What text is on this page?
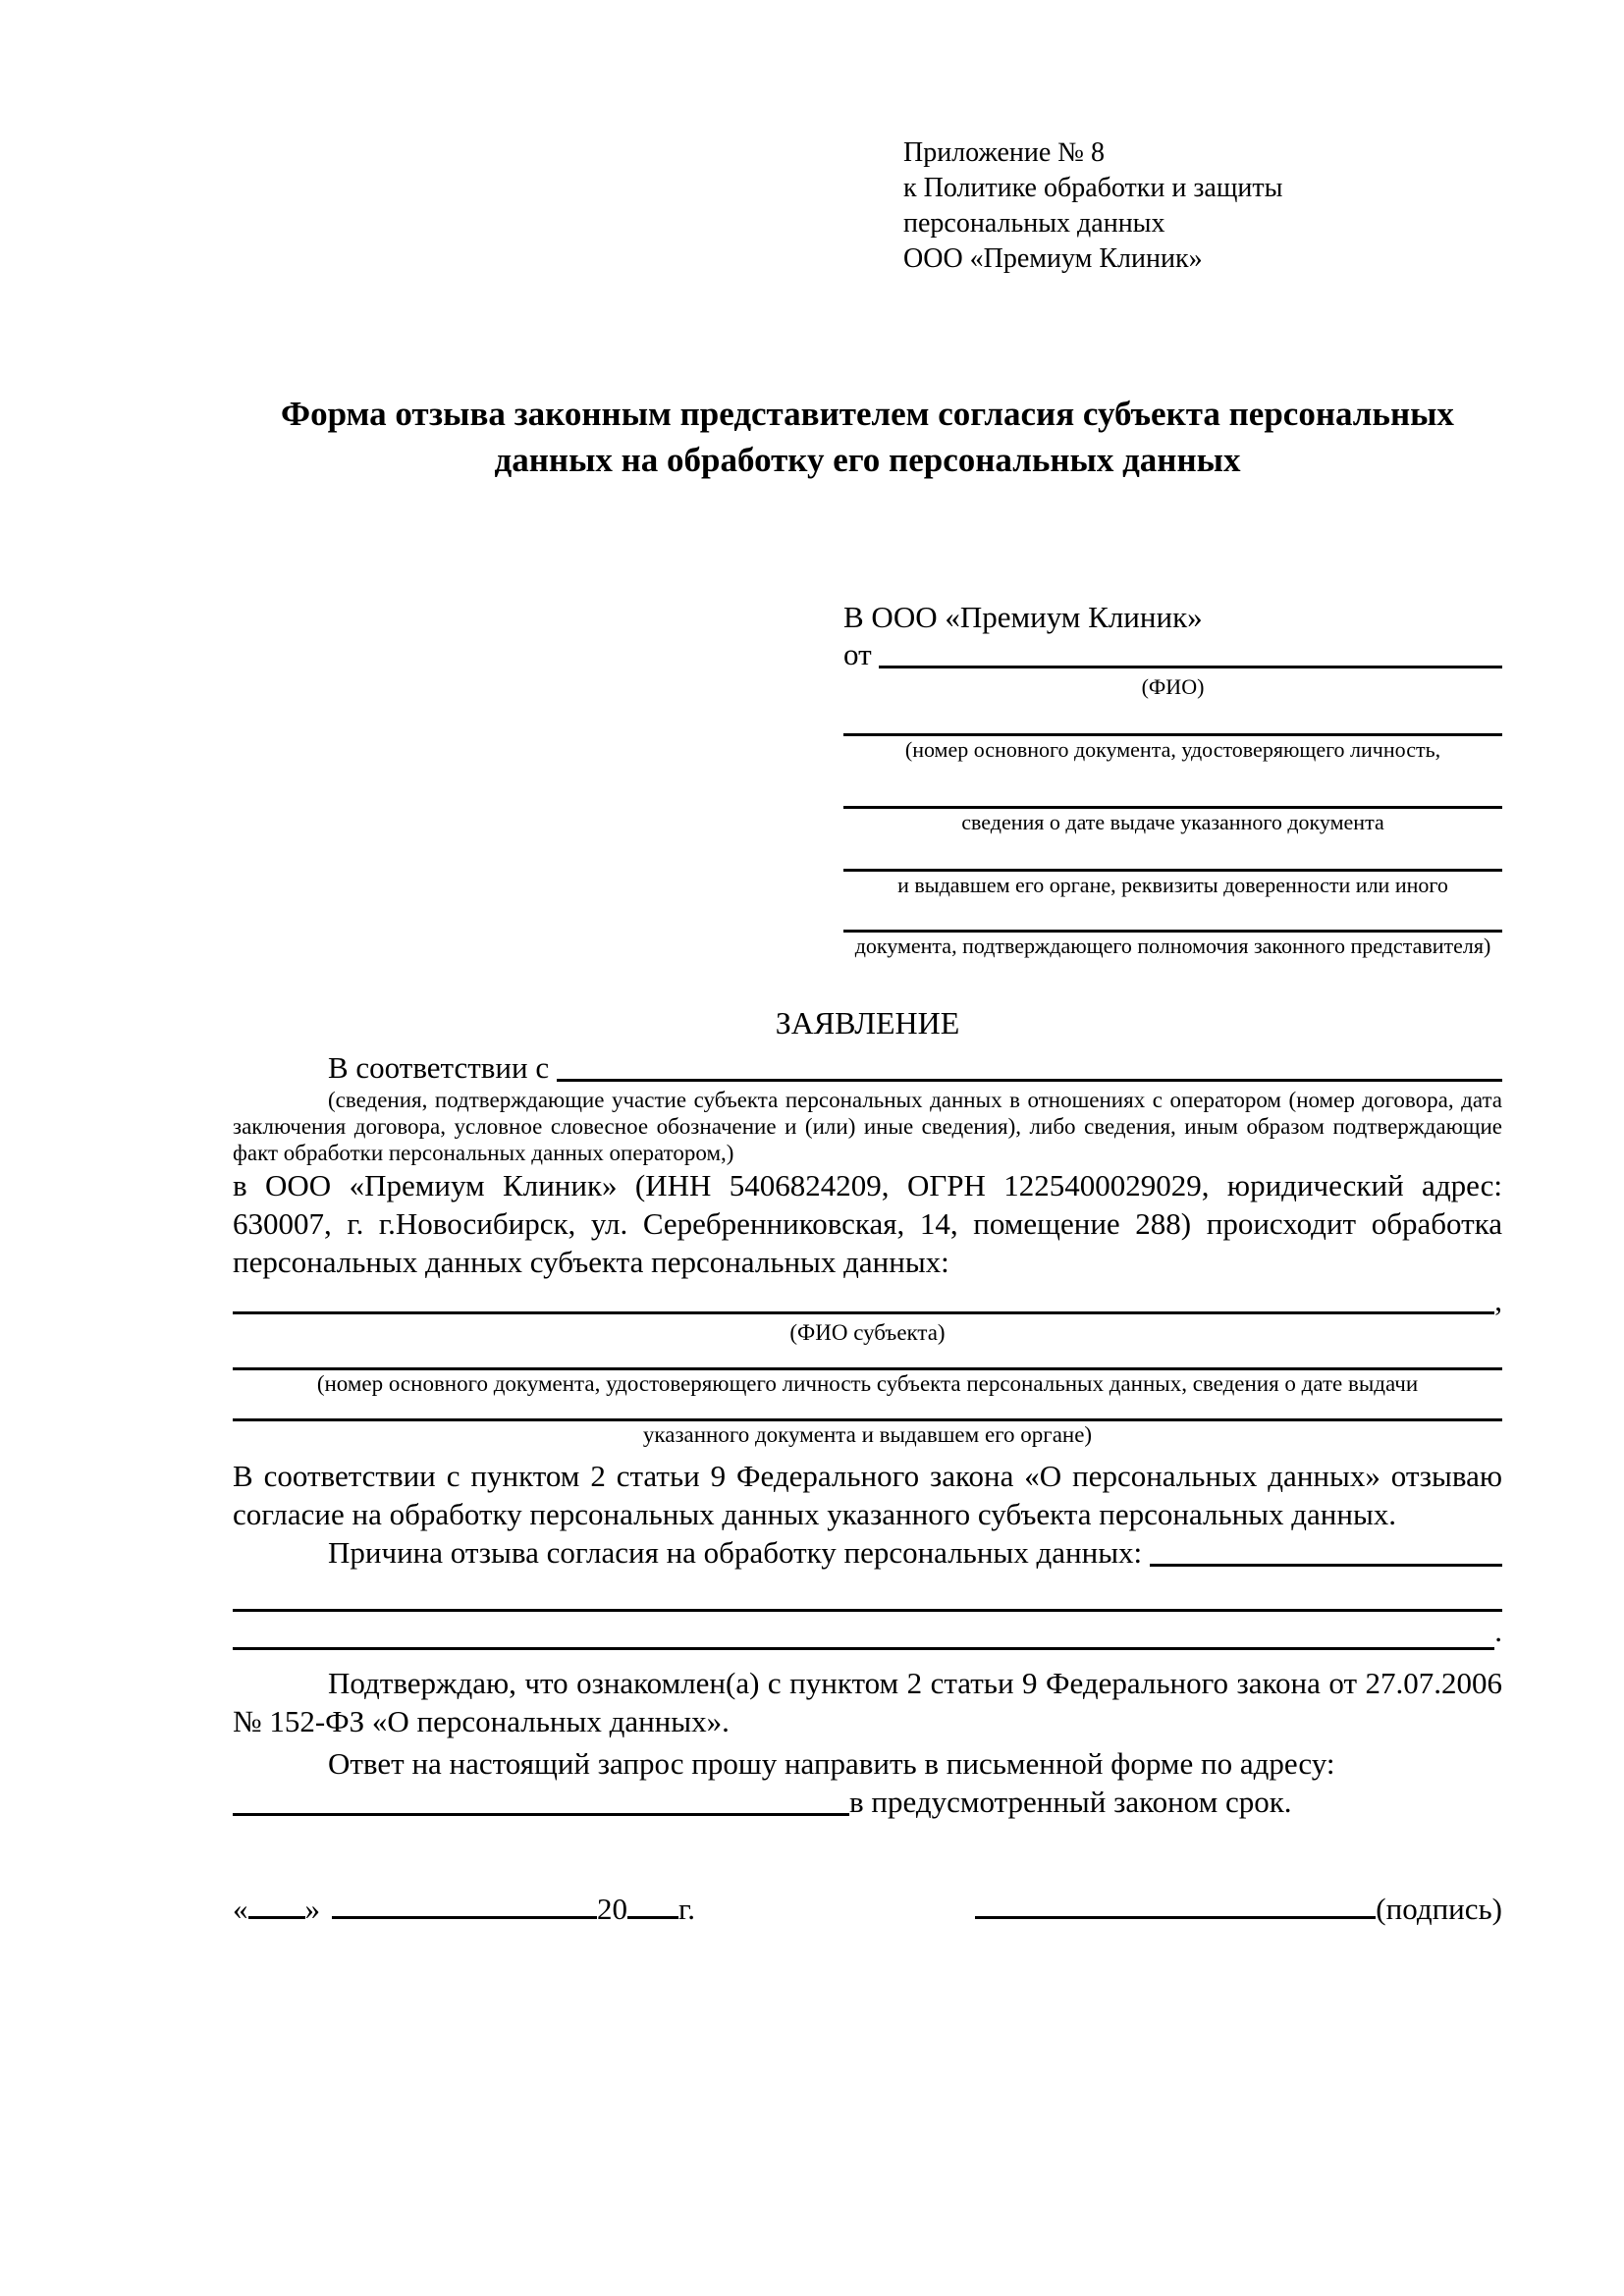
Приложение № 8
к Политике обработки и защиты
персональных данных
ООО «Премиум Клиник»
Форма отзыва законным представителем согласия субъекта персональных данных на обработку его персональных данных
В ООО «Премиум Клиник»
от
(ФИО)
(номер основного документа, удостоверяющего личность,
сведения о дате выдаче указанного документа
и выдавшем его органе, реквизиты доверенности или иного
документа, подтверждающего полномочия законного представителя)
ЗАЯВЛЕНИЕ
В соответствии с
(сведения, подтверждающие участие субъекта персональных данных в отношениях с оператором (номер договора, дата заключения договора, условное словесное обозначение и (или) иные сведения), либо сведения, иным образом подтверждающие факт обработки персональных данных оператором,)
в ООО «Премиум Клиник» (ИНН 5406824209, ОГРН 1225400029029, юридический адрес: 630007, г. г.Новосибирск, ул. Серебренниковская, 14, помещение 288) происходит обработка персональных данных субъекта персональных данных:
,
(ФИО субъекта)
(номер основного документа, удостоверяющего личность субъекта персональных данных, сведения о дате выдачи
указанного документа и выдавшем его органе)
В соответствии с пунктом 2 статьи 9 Федерального закона «О персональных данных» отзываю согласие на обработку персональных данных указанного субъекта персональных данных.
Причина отзыва согласия на обработку персональных данных:
.
Подтверждаю, что ознакомлен(а) с пунктом 2 статьи 9 Федерального закона от 27.07.2006 № 152-ФЗ «О персональных данных».
Ответ на настоящий запрос прошу направить в письменной форме по адресу:
в предусмотренный законом срок.
« »	20 г.	(подпись)
